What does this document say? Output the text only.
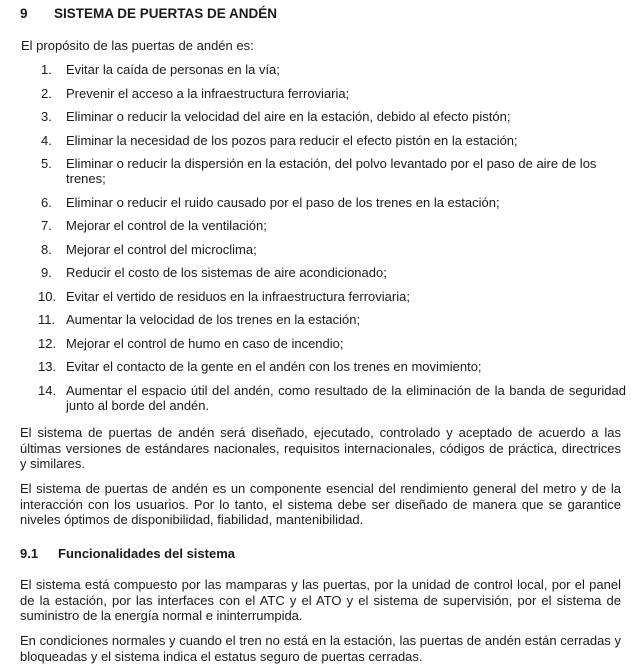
9 SISTEMA DE PUERTAS DE ANDÉN
El propósito de las puertas de andén es:
1. Evitar la caída de personas en la vía;
2. Prevenir el acceso a la infraestructura ferroviaria;
3. Eliminar o reducir la velocidad del aire en la estación, debido al efecto pistón;
4. Eliminar la necesidad de los pozos para reducir el efecto pistón en la estación;
5. Eliminar o reducir la dispersión en la estación, del polvo levantado por el paso de aire de los trenes;
6. Eliminar o reducir el ruido causado por el paso de los trenes en la estación;
7. Mejorar el control de la ventilación;
8. Mejorar el control del microclima;
9. Reducir el costo de los sistemas de aire acondicionado;
10. Evitar el vertido de residuos en la infraestructura ferroviaria;
11. Aumentar la velocidad de los trenes en la estación;
12. Mejorar el control de humo en caso de incendio;
13. Evitar el contacto de la gente en el andén con los trenes en movimiento;
14. Aumentar el espacio útil del andén, como resultado de la eliminación de la banda de seguridad junto al borde del andén.

El sistema de puertas de andén será diseñado, ejecutado, controlado y aceptado de acuerdo a las últimas versiones de estándares nacionales, requisitos internacionales, códigos de práctica, directrices y similares.

El sistema de puertas de andén es un componente esencial del rendimiento general del metro y de la interacción con los usuarios. Por lo tanto, el sistema debe ser diseñado de manera que se garantice niveles óptimos de disponibilidad, fiabilidad, mantenibilidad.

9.1 Funcionalidades del sistema

El sistema está compuesto por las mamparas y las puertas, por la unidad de control local, por el panel de la estación, por las interfaces con el ATC y el ATO y el sistema de supervisión, por el sistema de suministro de la energía normal e ininterrumpida.

En condiciones normales y cuando el tren no está en la estación, las puertas de andén están cerradas y bloqueadas y el sistema indica el estatus seguro de puertas cerradas.
